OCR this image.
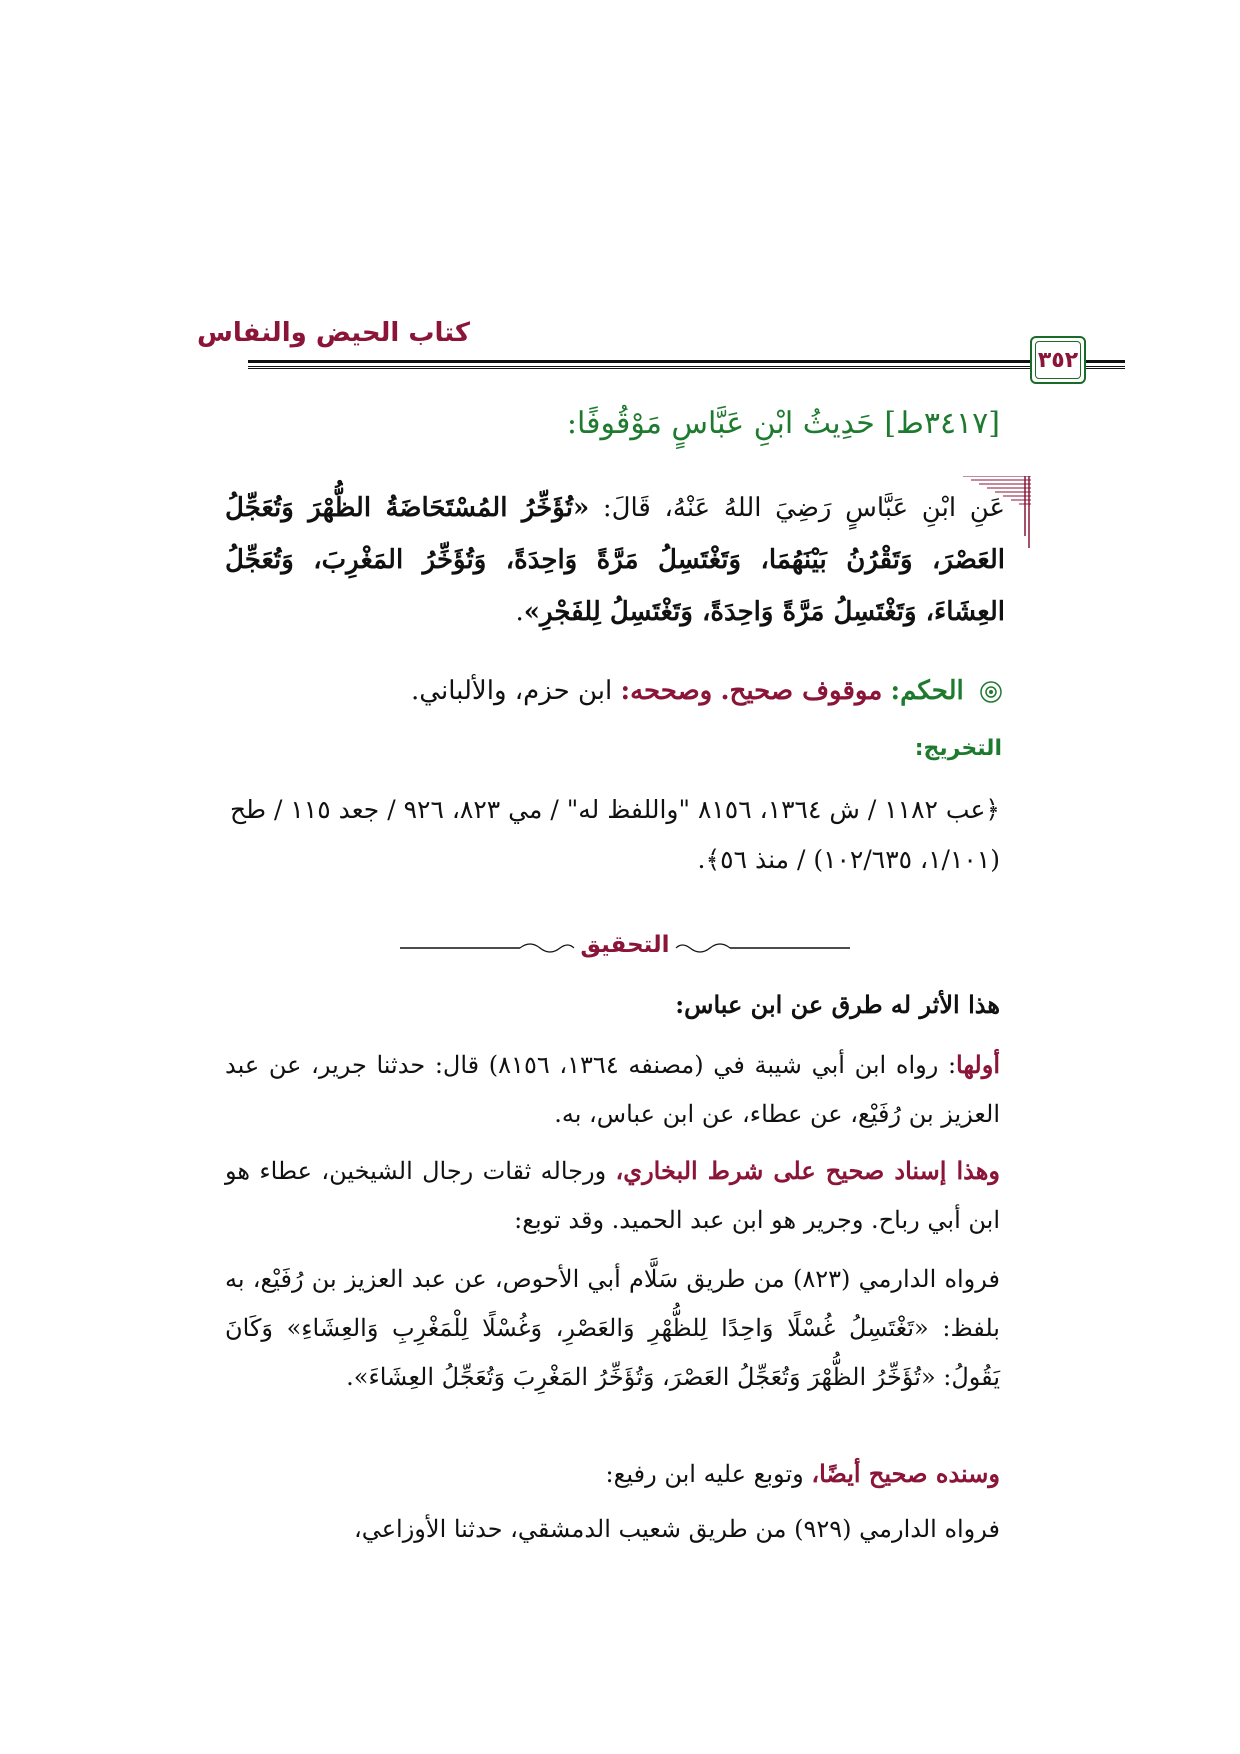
كتاب الحيض والنفاس
٣٥٢
[٣٤١٧ط] حَدِيثُ ابْنِ عَبَّاسٍ مَوْقُوفًا:
عَنِ ابْنِ عَبَّاسٍ رَضِيَ اللهُ عَنْهُ، قَالَ: «تُؤَخِّرُ المُسْتَحَاضَةُ الظُّهْرَ وَتُعَجِّلُ العَصْرَ، وَتَقْرُنُ بَيْنَهُمَا، وَتَغْتَسِلُ مَرَّةً وَاحِدَةً، وَتُؤَخِّرُ المَغْرِبَ، وَتُعَجِّلُ العِشَاءَ، وَتَغْتَسِلُ مَرَّةً وَاحِدَةً، وَتَغْتَسِلُ لِلفَجْرِ».
الحكم: موقوف صحيح. وصححه: ابن حزم، والألباني.
التخريج:
﴿عب ١١٨٢ / ش ١٣٦٤، ٨١٥٦ "واللفظ له" / مي ٨٢٣، ٩٢٦ / جعد ١١٥ / طح (١/١٠١، ١٠٢/٦٣٥) / منذ ٥٦﴾.
التحقيق
هذا الأثر له طرق عن ابن عباس:
أولها: رواه ابن أبي شيبة في (مصنفه ١٣٦٤، ٨١٥٦) قال: حدثنا جرير، عن عبد العزيز بن رُفَيْع، عن عطاء، عن ابن عباس، به.
وهذا إسناد صحيح على شرط البخاري، ورجاله ثقات رجال الشيخين، عطاء هو ابن أبي رباح. وجرير هو ابن عبد الحميد. وقد توبع:
فرواه الدارمي (٨٢٣) من طريق سَلَّام أبي الأحوص، عن عبد العزيز بن رُفَيْع، به بلفظ: «تَغْتَسِلُ غُسْلًا وَاحِدًا لِلظُّهْرِ وَالعَصْرِ، وَغُسْلًا لِلْمَغْرِبِ وَالعِشَاءِ» وَكَانَ يَقُولُ: «تُؤَخِّرُ الظُّهْرَ وَتُعَجِّلُ العَصْرَ، وَتُؤَخِّرُ المَغْرِبَ وَتُعَجِّلُ العِشَاءَ».
وسنده صحيح أيضًا، وتوبع عليه ابن رفيع:
فرواه الدارمي (٩٢٩) من طريق شعيب الدمشقي، حدثنا الأوزاعي،
